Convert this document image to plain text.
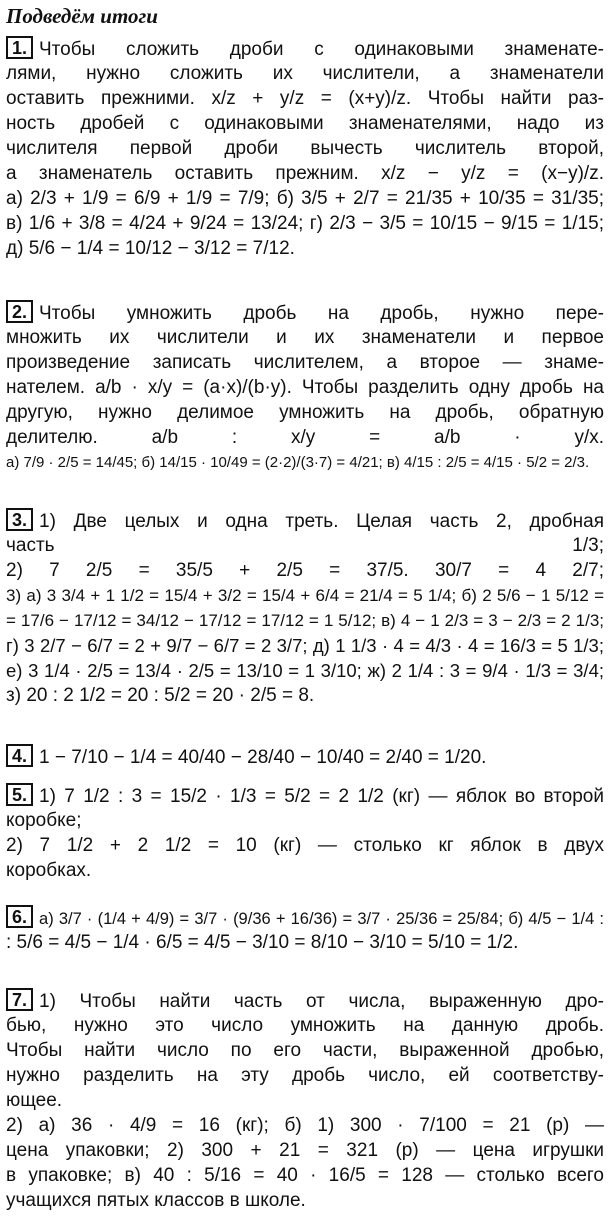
Подведём итоги
1. Чтобы сложить дроби с одинаковыми знаменате-
лями, нужно сложить их числители, а знаменатели
оставить прежними. x/z + y/z = (x+y)/z. Чтобы найти раз-
ность дробей с одинаковыми знаменателями, надо из
числителя первой дроби вычесть числитель второй,
а знаменатель оставить прежним. x/z − y/z = (x−y)/z.
а) 2/3 + 1/9 = 6/9 + 1/9 = 7/9; б) 3/5 + 2/7 = 21/35 + 10/35 = 31/35;
в) 1/6 + 3/8 = 4/24 + 9/24 = 13/24; г) 2/3 − 3/5 = 10/15 − 9/15 = 1/15;
д) 5/6 − 1/4 = 10/12 − 3/12 = 7/12.
2. Чтобы умножить дробь на дробь, нужно пере-
множить их числители и их знаменатели и первое
произведение записать числителем, а второе — знаме-
нателем. a/b · x/y = (a·x)/(b·y). Чтобы разделить одну дробь на
другую, нужно делимое умножить на дробь, обратную
делителю. a/b : x/y = a/b · y/x.
а) 7/9 · 2/5 = 14/45; б) 14/15 · 10/49 = (2·2)/(3·7) = 4/21; в) 4/15 : 2/5 = 4/15 · 5/2 = 2/3.
3. 1) Две целых и одна треть. Целая часть 2, дробная
часть 1/3;
2) 7 2/5 = 35/5 + 2/5 = 37/5. 30/7 = 4 2/7;
3) а) 3 3/4 + 1 1/2 = 15/4 + 3/2 = 15/4 + 6/4 = 21/4 = 5 1/4; б) 2 5/6 − 1 5/12 =
= 17/6 − 17/12 = 34/12 − 17/12 = 17/12 = 1 5/12; в) 4 − 1 2/3 = 3 − 2/3 = 2 1/3;
г) 3 2/7 − 6/7 = 2 + 9/7 − 6/7 = 2 3/7; д) 1 1/3 · 4 = 4/3 · 4 = 16/3 = 5 1/3;
е) 3 1/4 · 2/5 = 13/4 · 2/5 = 13/10 = 1 3/10; ж) 2 1/4 : 3 = 9/4 · 1/3 = 3/4;
з) 20 : 2 1/2 = 20 : 5/2 = 20 · 2/5 = 8.
4. 1 − 7/10 − 1/4 = 40/40 − 28/40 − 10/40 = 2/40 = 1/20.
5. 1) 7 1/2 : 3 = 15/2 · 1/3 = 5/2 = 2 1/2 (кг) — яблок во второй
коробке;
2) 7 1/2 + 2 1/2 = 10 (кг) — столько кг яблок в двух
коробках.
6. а) 3/7 · (1/4 + 4/9) = 3/7 · (9/36 + 16/36) = 3/7 · 25/36 = 25/84; б) 4/5 − 1/4 :
: 5/6 = 4/5 − 1/4 · 6/5 = 4/5 − 3/10 = 8/10 − 3/10 = 5/10 = 1/2.
7. 1) Чтобы найти часть от числа, выраженную дро-
бью, нужно это число умножить на данную дробь.
Чтобы найти число по его части, выраженной дробью,
нужно разделить на эту дробь число, ей соответству-
ющее.
2) а) 36 · 4/9 = 16 (кг); б) 1) 300 · 7/100 = 21 (р) —
цена упаковки; 2) 300 + 21 = 321 (р) — цена игрушки
в упаковке; в) 40 : 5/16 = 40 · 16/5 = 128 — столько всего
учащихся пятых классов в школе.
